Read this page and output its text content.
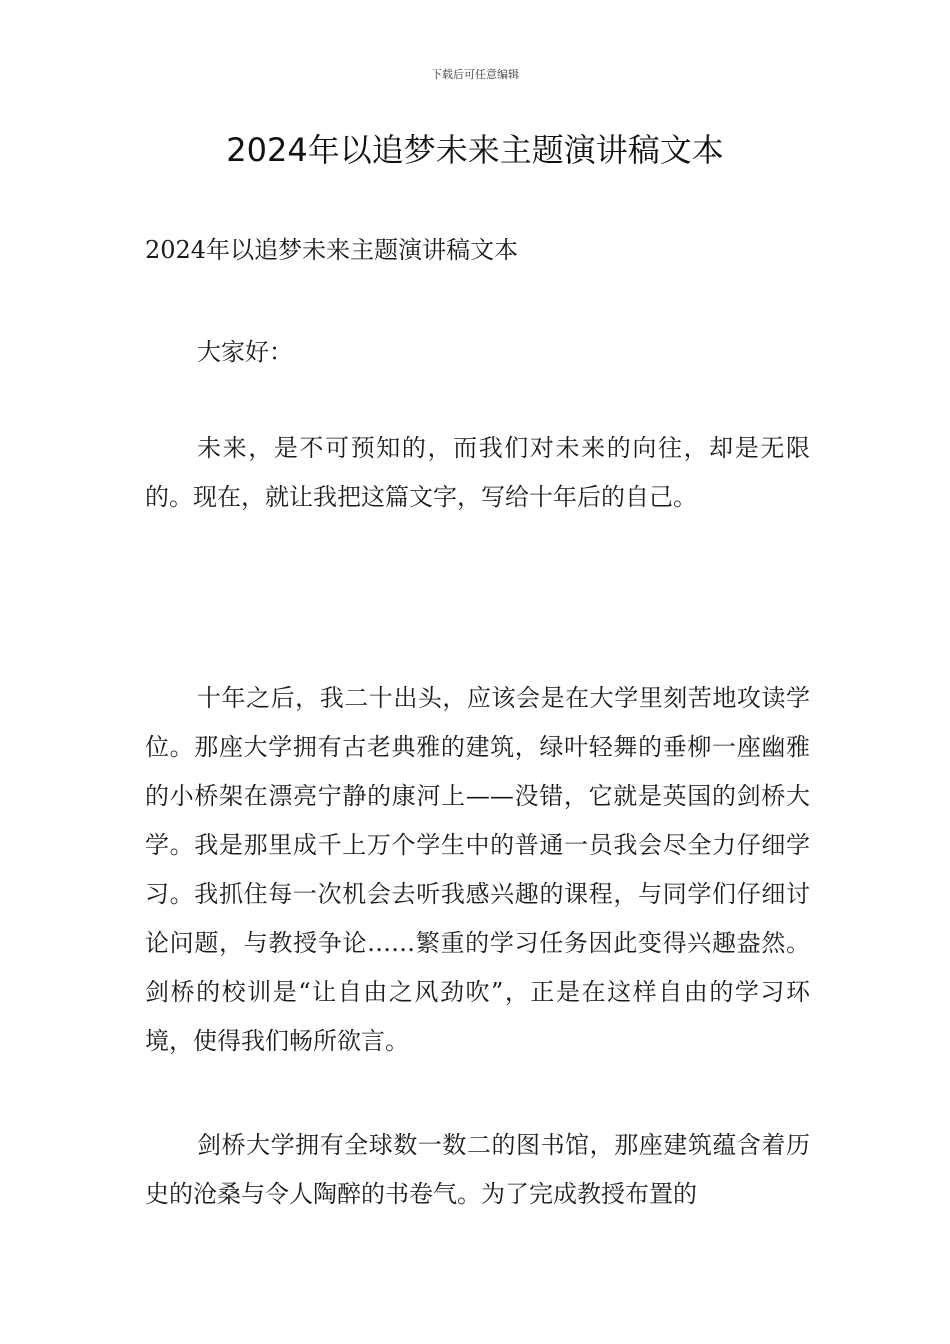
下载后可任意编辑
2024年以追梦未来主题演讲稿文本

2024年以追梦未来主题演讲稿文本

大家好：

未来，是不可预知的，而我们对未来的向往，却是无限的。现在，就让我把这篇文字，写给十年后的自己。

十年之后，我二十出头，应该会是在大学里刻苦地攻读学位。那座大学拥有古老典雅的建筑，绿叶轻舞的垂柳一座幽雅的小桥架在漂亮宁静的康河上——没错，它就是英国的剑桥大学。我是那里成千上万个学生中的普通一员我会尽全力仔细学习。我抓住每一次机会去听我感兴趣的课程，与同学们仔细讨论问题，与教授争论……繁重的学习任务因此变得兴趣盎然。剑桥的校训是“让自由之风劲吹”，正是在这样自由的学习环境，使得我们畅所欲言。

剑桥大学拥有全球数一数二的图书馆，那座建筑蕴含着历史的沧桑与令人陶醉的书卷气。为了完成教授布置的
